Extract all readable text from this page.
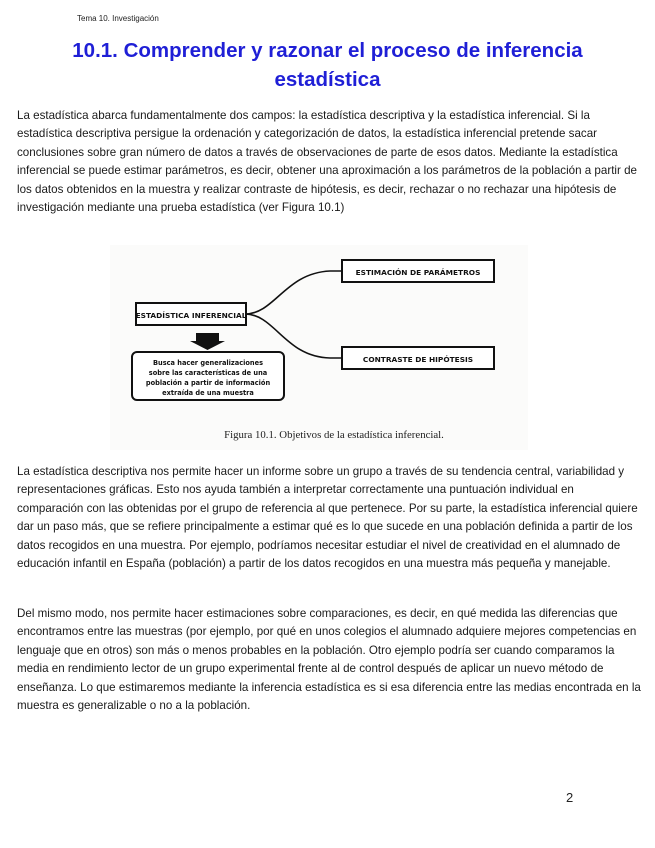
Tema 10. Investigación
10.1. Comprender y razonar el proceso de inferencia
estadística

La estadística abarca fundamentalmente dos campos: la estadística descriptiva y la estadística inferencial. Si la estadística descriptiva persigue la ordenación y categorización de datos, la estadística inferencial pretende sacar conclusiones sobre gran número de datos a través de observaciones de parte de esos datos. Mediante la estadística inferencial se puede estimar parámetros, es decir, obtener una aproximación a los parámetros de la población a partir de los datos obtenidos en la muestra y realizar contraste de hipótesis, es decir, rechazar o no rechazar una hipótesis de investigación mediante una prueba estadística (ver Figura 10.1)

ESTADÍSTICA INFERENCIAL
ESTIMACIÓN DE PARÁMETROS
CONTRASTE DE HIPÓTESIS
Busca hacer generalizaciones
sobre las características de una
población a partir de información
extraída de una muestra
Figura 10.1. Objetivos de la estadística inferencial.

La estadística descriptiva nos permite hacer un informe sobre un grupo a través de su tendencia central, variabilidad y representaciones gráficas. Esto nos ayuda también a interpretar correctamente una puntuación individual en comparación con las obtenidas por el grupo de referencia al que pertenece. Por su parte, la estadística inferencial quiere dar un paso más, que se refiere principalmente a estimar qué es lo que sucede en una población definida a partir de los datos recogidos en una muestra. Por ejemplo, podríamos necesitar estudiar el nivel de creatividad en el alumnado de educación infantil en España (población) a partir de los datos recogidos en una muestra más pequeña y manejable.

Del mismo modo, nos permite hacer estimaciones sobre comparaciones, es decir, en qué medida las diferencias que encontramos entre las muestras (por ejemplo, por qué en unos colegios el alumnado adquiere mejores competencias en lenguaje que en otros) son más o menos probables en la población. Otro ejemplo podría ser cuando comparamos la media en rendimiento lector de un grupo experimental frente al de control después de aplicar un nuevo método de enseñanza. Lo que estimaremos mediante la inferencia estadística es si esa diferencia entre las medias encontrada en la muestra es generalizable o no a la población.

2
